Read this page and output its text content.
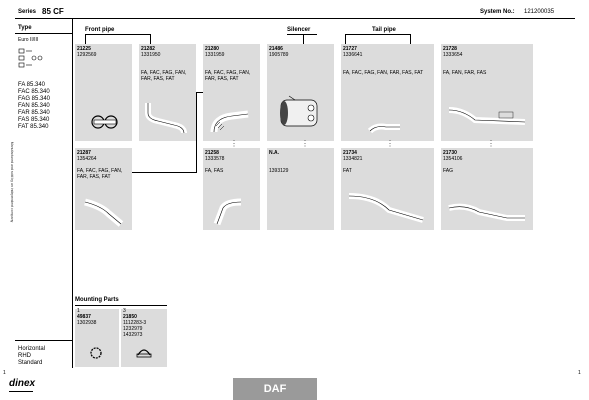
Series 85 CF	System No.: 121200035
Type
Euro II/III
FA 85.340
FAC 85.340
FAG 85.340
FAN 85.340
FAR 85.340
FAS 85.340
FAT 85.340
Horizontal
RHD
Standard
Manufactured and sold by an independent company
Front pipe	Silencer	Tail pipe
21225
1292569
21282
1331950
FA, FAC, FAG, FAN, FAR, FAS, FAT
21280
1331959
FA, FAC, FAG, FAN, FAR, FAS, FAT
21486
1905789
21727
1336641
FA, FAC, FAG, FAN, FAR, FAS, FAT
21728
1333654
FA, FAN, FAR, FAS
21287
1354264
FA, FAC, FAG, FAN, FAR, FAS, FAT
21258
1333578
FA, FAS
N.A.
1393129
21734
1334821
FAT
21730
1354106
FAG
⋮	⋮	⋮
⋮
Mounting Parts
1
49837
1302938
3
21850
1112283-3
1232979
1432973
1	1
dinex	DAF
